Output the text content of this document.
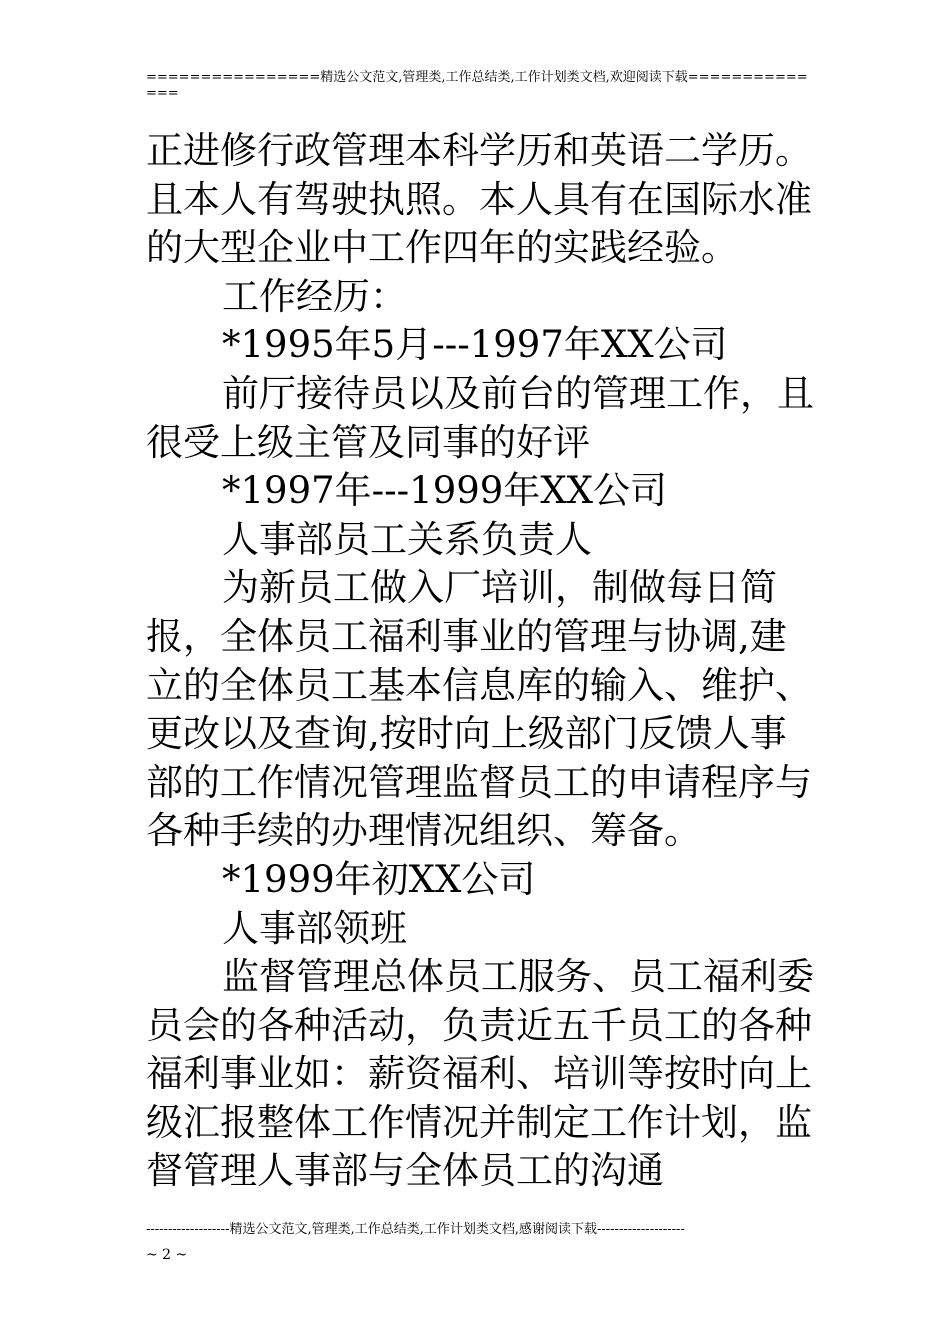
================精选公文范文,管理类,工作总结类,工作计划类文档,欢迎阅读下载==============

正进修行政管理本科学历和英语二学历。且本人有驾驶执照。本人具有在国际水准的大型企业中工作四年的实践经验。

工作经历：

*1995年5月---1997年XX公司

前厅接待员以及前台的管理工作，且很受上级主管及同事的好评

*1997年---1999年XX公司

人事部员工关系负责人

为新员工做入厂培训，制做每日简报，全体员工福利事业的管理与协调,建立的全体员工基本信息库的输入、维护、更改以及查询,按时向上级部门反馈人事部的工作情况管理监督员工的申请程序与各种手续的办理情况组织、筹备。

*1999年初XX公司

人事部领班

监督管理总体员工服务、员工福利委员会的各种活动，负责近五千员工的各种福利事业如：薪资福利、培训等按时向上级汇报整体工作情况并制定工作计划，监督管理人事部与全体员工的沟通

-------------------精选公文范文,管理类,工作总结类,工作计划类文档,感谢阅读下载--------------------
~ 2 ~
